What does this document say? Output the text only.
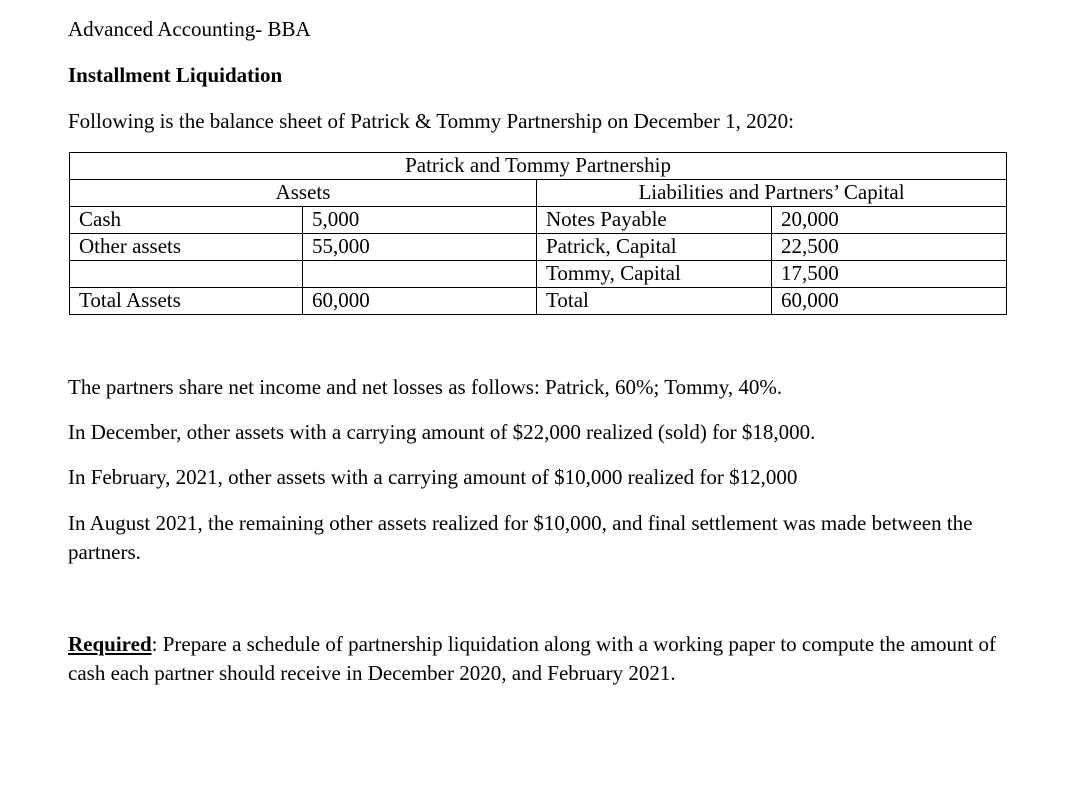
Advanced Accounting- BBA
Installment Liquidation
Following is the balance sheet of Patrick & Tommy Partnership on December 1, 2020:
Patrick and Tommy Partnership			
Assets		Liabilities and Partners’ Capital	
Cash	5,000	Notes Payable	20,000
Other assets	55,000	Patrick, Capital	22,500
		Tommy, Capital	17,500
Total Assets	60,000	Total	60,000
The partners share net income and net losses as follows: Patrick, 60%; Tommy, 40%.
In December, other assets with a carrying amount of $22,000 realized (sold) for $18,000.
In February, 2021, other assets with a carrying amount of $10,000 realized for $12,000
In August 2021, the remaining other assets realized for $10,000, and final settlement was made between the partners.
Required: Prepare a schedule of partnership liquidation along with a working paper to compute the amount of cash each partner should receive in December 2020, and February 2021.
